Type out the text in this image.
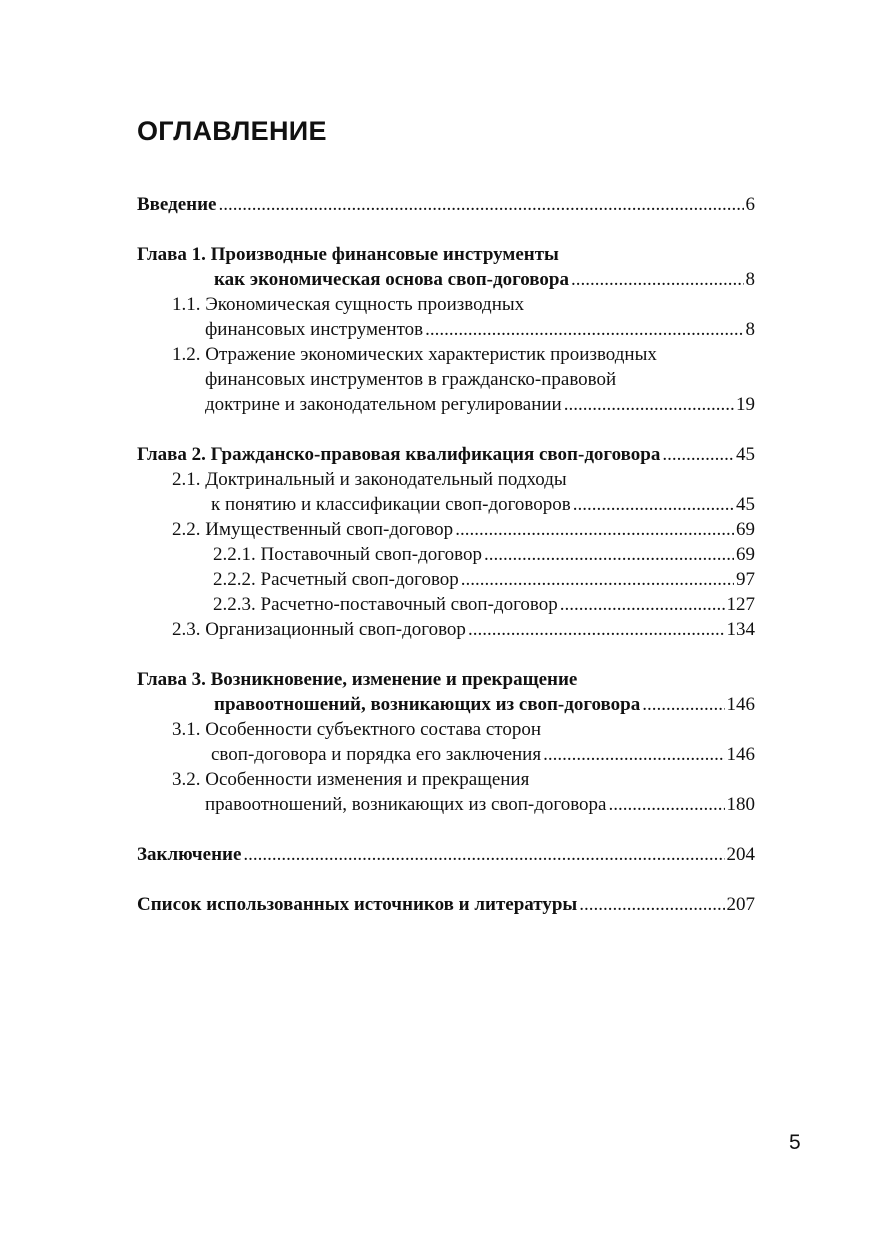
ОГЛАВЛЕНИЕ
Введение .....	6
Глава 1. Производные финансовые инструменты
как экономическая основа своп-договора .....	8
1.1. Экономическая сущность производных
финансовых инструментов .....	8
1.2. Отражение экономических характеристик производных
финансовых инструментов в гражданско-правовой
доктрине и законодательном регулировании .....	19
Глава 2. Гражданско-правовая квалификация своп-договора .....	45
2.1. Доктринальный и законодательный подходы
к понятию и классификации своп-договоров .....	45
2.2. Имущественный своп-договор .....	69
2.2.1. Поставочный своп-договор .....	69
2.2.2. Расчетный своп-договор .....	97
2.2.3. Расчетно-поставочный своп-договор .....	127
2.3. Организационный своп-договор .....	134
Глава 3. Возникновение, изменение и прекращение
правоотношений, возникающих из своп-договора .....	146
3.1. Особенности субъектного состава сторон
своп-договора и порядка его заключения .....	146
3.2. Особенности изменения и прекращения
правоотношений, возникающих из своп-договора .....	180
Заключение .....	204
Список использованных источников и литературы .....	207
5
